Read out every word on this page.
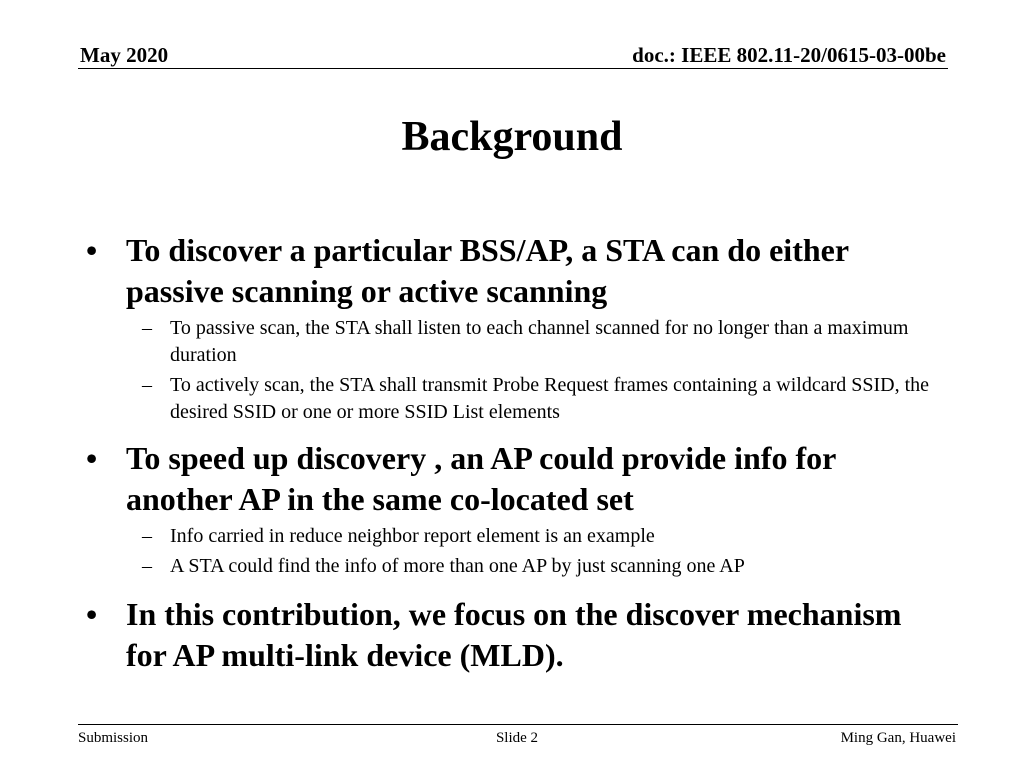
May 2020	doc.: IEEE 802.11-20/0615-03-00be
Background
• To discover a particular BSS/AP, a STA can do either passive scanning or active scanning
– To passive scan, the STA shall listen to each channel scanned for no longer than a maximum duration
– To actively scan, the STA shall transmit Probe Request frames containing a wildcard SSID, the desired SSID or one or more SSID List elements
• To speed up discovery , an AP could provide info for another AP in the same co-located set
– Info carried in reduce neighbor report element is an example
– A STA could find the info of more than one AP by just scanning one AP
• In this contribution, we focus on the discover mechanism for AP multi-link device (MLD).
Submission	Slide 2	Ming Gan, Huawei
